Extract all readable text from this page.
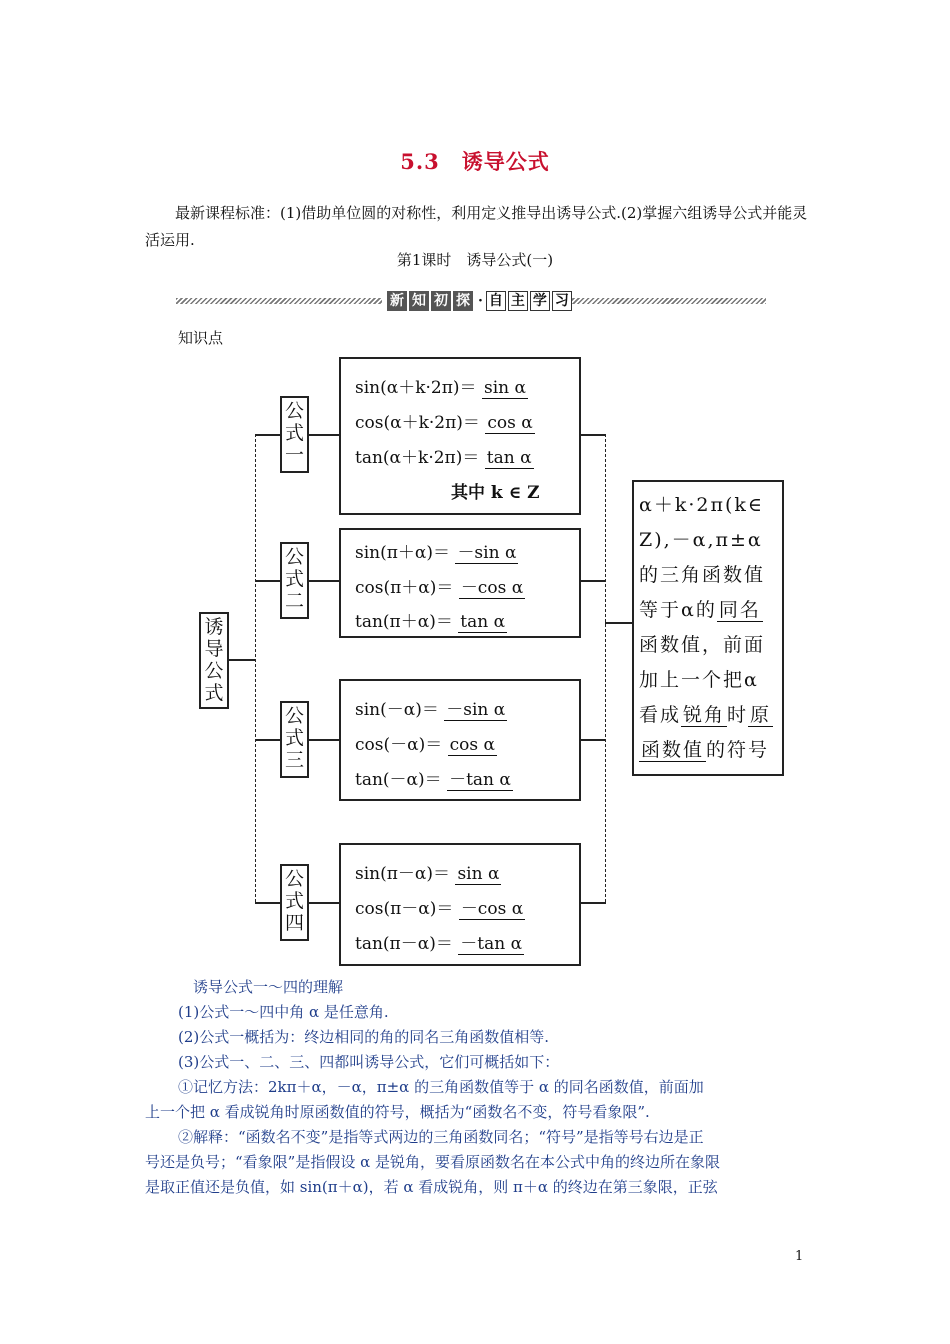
5.3　诱导公式
最新课程标准：(1)借助单位圆的对称性，利用定义推导出诱导公式.(2)掌握六组诱导公式并能灵活运用.
第1课时　诱导公式(一)
新 知 初 探 · 自 主 学 习
知识点
诱
导
公
式
公
式
一
公
式
二
公
式
三
公
式
四
sin(α＋k·2π)＝ sin α
cos(α＋k·2π)＝ cos α
tan(α＋k·2π)＝ tan α
其中 k ∈ Z
sin(π＋α)＝ －sin α
cos(π＋α)＝ －cos α
tan(π＋α)＝ tan α
sin(－α)＝ －sin α
cos(－α)＝ cos α
tan(－α)＝ －tan α
sin(π－α)＝ sin α
cos(π－α)＝ －cos α
tan(π－α)＝ －tan α
α＋k·2π(k∈
Z),－α,π±α
的三角函数值
等于α的 同名
函数值，前面
加上一个把α
看成 锐角 时 原
函数值 的符号
诱导公式一～四的理解
(1)公式一～四中角 α 是任意角.
(2)公式一概括为：终边相同的角的同名三角函数值相等.
(3)公式一、二、三、四都叫诱导公式，它们可概括如下：
①记忆方法：2kπ＋α，－α，π±α 的三角函数值等于 α 的同名函数值，前面加
上一个把 α 看成锐角时原函数值的符号，概括为“函数名不变，符号看象限”.
②解释：“函数名不变”是指等式两边的三角函数同名；“符号”是指等号右边是正
号还是负号；“看象限”是指假设 α 是锐角，要看原函数名在本公式中角的终边所在象限
是取正值还是负值，如 sin(π＋α)，若 α 看成锐角，则 π＋α 的终边在第三象限，正弦
1
